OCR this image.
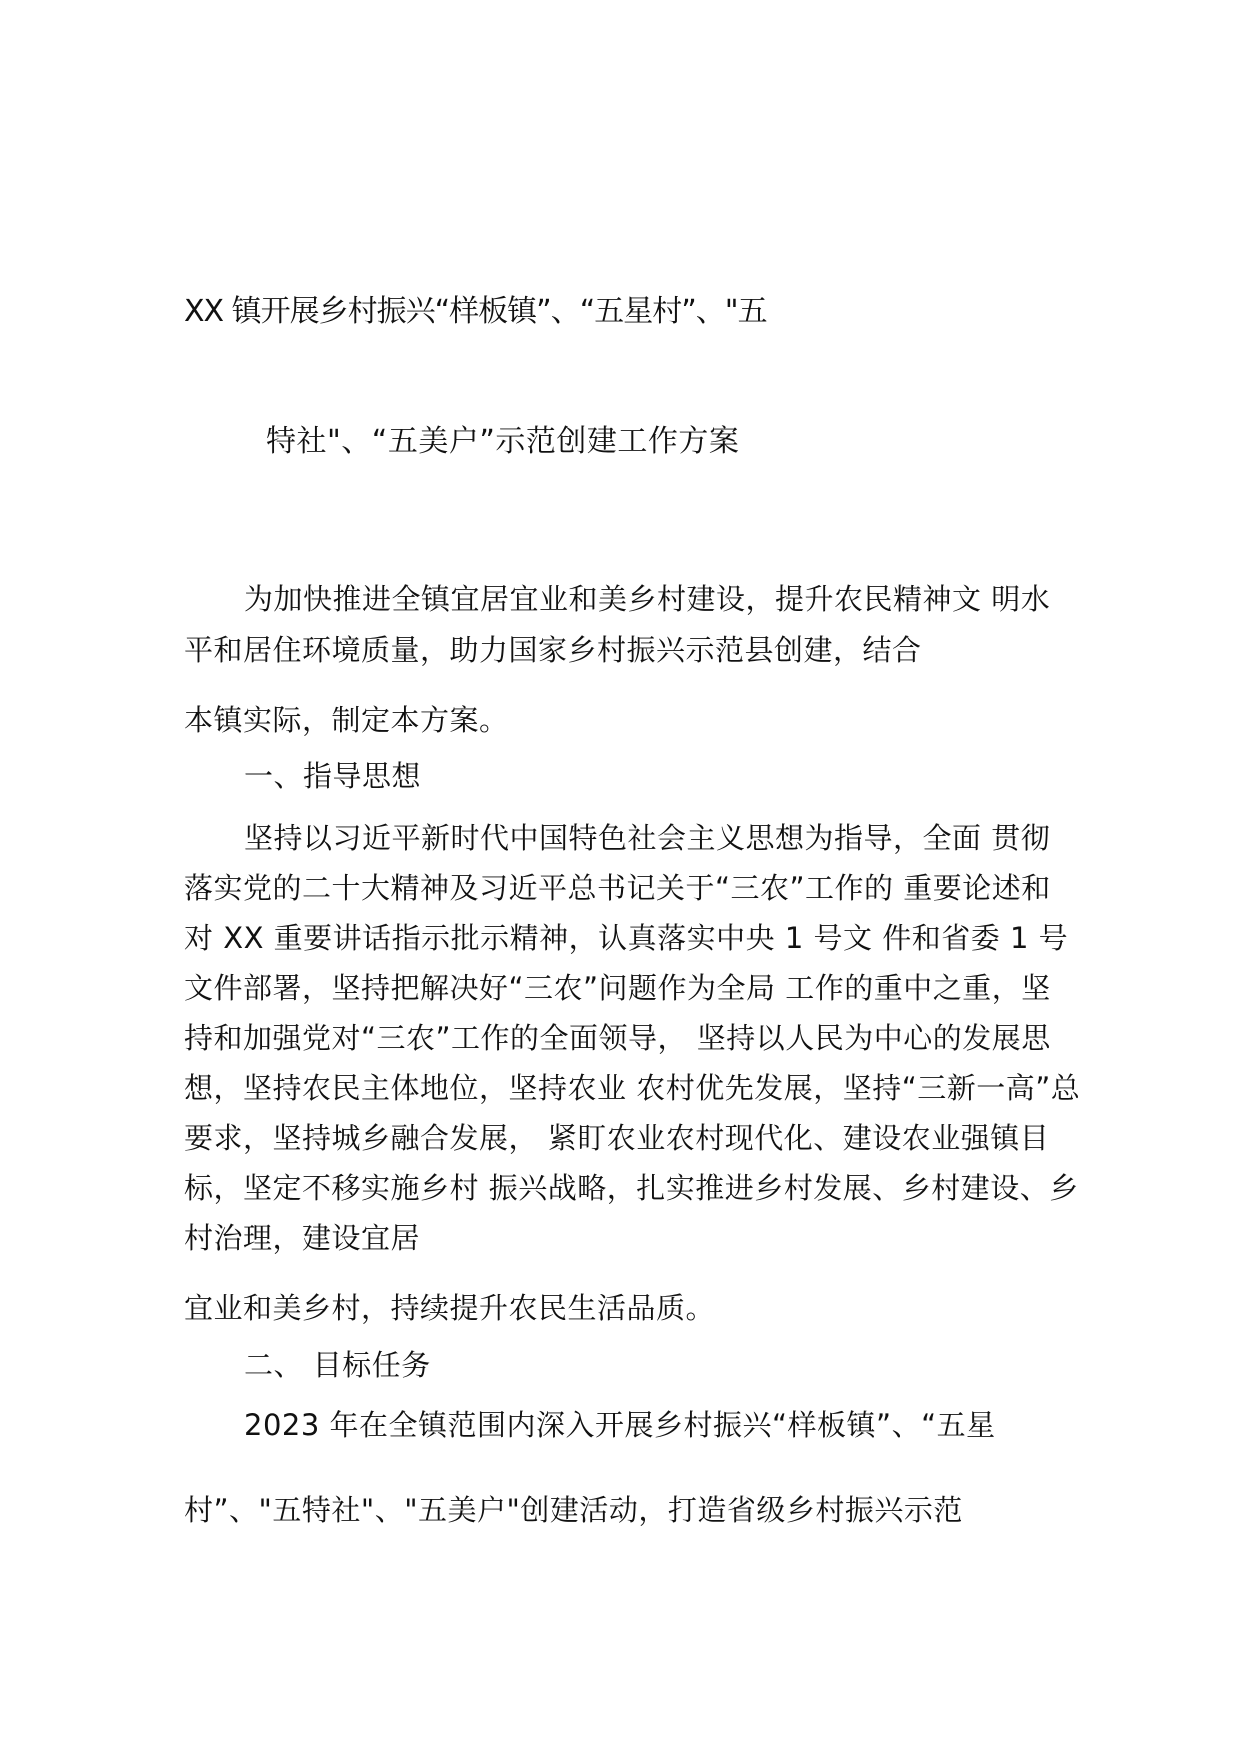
XX 镇开展乡村振兴“样板镇”、“五星村”、"五
特社"、“五美户”示范创建工作方案
为加快推进全镇宜居宜业和美乡村建设，提升农民精神文 明水
平和居住环境质量，助力国家乡村振兴示范县创建，结合
本镇实际，制定本方案。
一、指导思想
坚持以习近平新时代中国特色社会主义思想为指导，全面 贯彻
落实党的二十大精神及习近平总书记关于“三农”工作的 重要论述和
对 XX 重要讲话指示批示精神，认真落实中央 1 号文 件和省委 1 号
文件部署，坚持把解决好“三农”问题作为全局 工作的重中之重，坚
持和加强党对“三农”工作的全面领导， 坚持以人民为中心的发展思
想，坚持农民主体地位，坚持农业 农村优先发展，坚持“三新一高”总
要求，坚持城乡融合发展， 紧盯农业农村现代化、建设农业强镇目
标，坚定不移实施乡村 振兴战略，扎实推进乡村发展、乡村建设、乡
村治理，建设宜居
宜业和美乡村，持续提升农民生活品质。
二、 目标任务
2023 年在全镇范围内深入开展乡村振兴“样板镇”、“五星
村”、"五特社"、"五美户"创建活动，打造省级乡村振兴示范
